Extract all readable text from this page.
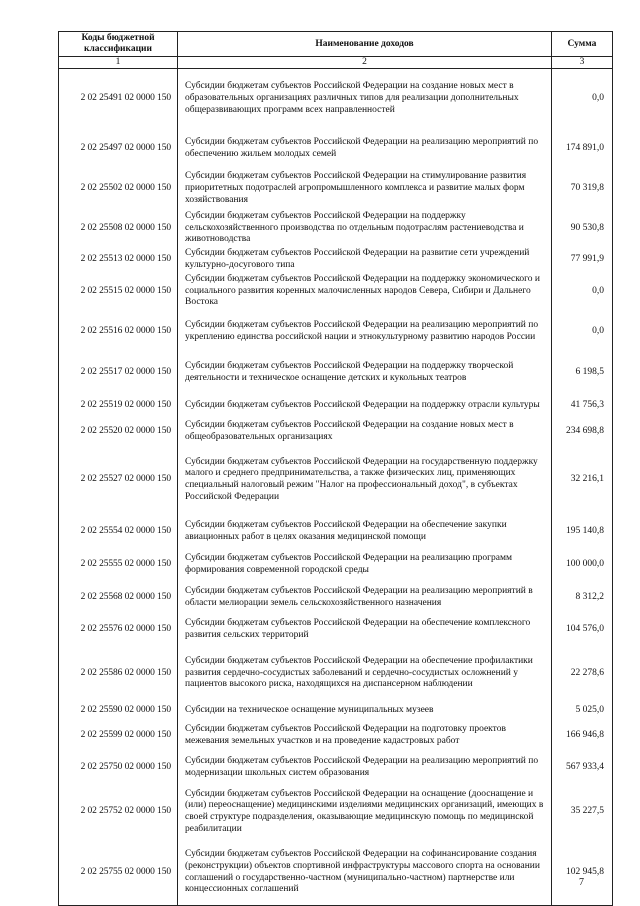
Коды бюджетной классификации	Наименование доходов	Сумма
1	2	3
2 02 25491 02 0000 150	Субсидии бюджетам субъектов Российской Федерации на создание новых мест в образовательных организациях различных типов для реализации дополнительных общеразвивающих программ всех направленностей	0,0
2 02 25497 02 0000 150	Субсидии бюджетам субъектов Российской Федерации на реализацию мероприятий по обеспечению жильем молодых семей	174 891,0
2 02 25502 02 0000 150	Субсидии бюджетам субъектов Российской Федерации на стимулирование развития приоритетных подотраслей агропромышленного комплекса и развитие малых форм хозяйствования	70 319,8
2 02 25508 02 0000 150	Субсидии бюджетам субъектов Российской Федерации на поддержку сельскохозяйственного производства по отдельным подотраслям растениеводства и животноводства	90 530,8
2 02 25513 02 0000 150	Субсидии бюджетам субъектов Российской Федерации на развитие сети учреждений культурно-досугового типа	77 991,9
2 02 25515 02 0000 150	Субсидии бюджетам субъектов Российской Федерации на поддержку экономического и социального развития коренных малочисленных народов Севера, Сибири и Дальнего Востока	0,0
2 02 25516 02 0000 150	Субсидии бюджетам субъектов Российской Федерации на реализацию мероприятий по укреплению единства российской нации и этнокультурному развитию народов России	0,0
2 02 25517 02 0000 150	Субсидии бюджетам субъектов Российской Федерации на поддержку творческой деятельности и техническое оснащение детских и кукольных театров	6 198,5
2 02 25519 02 0000 150	Субсидии бюджетам субъектов Российской Федерации на поддержку отрасли культуры	41 756,3
2 02 25520 02 0000 150	Субсидии бюджетам субъектов Российской Федерации на создание новых мест в общеобразовательных организациях	234 698,8
2 02 25527 02 0000 150	Субсидии бюджетам субъектов Российской Федерации на государственную поддержку малого и среднего предпринимательства, а также физических лиц, применяющих специальный налоговый режим "Налог на профессиональный доход", в субъектах Российской Федерации	32 216,1
2 02 25554 02 0000 150	Субсидии бюджетам субъектов Российской Федерации на обеспечение закупки авиационных работ в целях оказания медицинской помощи	195 140,8
2 02 25555 02 0000 150	Субсидии бюджетам субъектов Российской Федерации на реализацию программ формирования современной городской среды	100 000,0
2 02 25568 02 0000 150	Субсидии бюджетам субъектов Российской Федерации на реализацию мероприятий в области мелиорации земель сельскохозяйственного назначения	8 312,2
2 02 25576 02 0000 150	Субсидии бюджетам субъектов Российской Федерации на обеспечение комплексного развития сельских территорий	104 576,0
2 02 25586 02 0000 150	Субсидии бюджетам субъектов Российской Федерации на обеспечение профилактики развития сердечно-сосудистых заболеваний и сердечно-сосудистых осложнений у пациентов высокого риска, находящихся на диспансерном наблюдении	22 278,6
2 02 25590 02 0000 150	Субсидии на техническое оснащение муниципальных музеев	5 025,0
2 02 25599 02 0000 150	Субсидии бюджетам субъектов Российской Федерации на подготовку проектов межевания земельных участков и на проведение кадастровых работ	166 946,8
2 02 25750 02 0000 150	Субсидии бюджетам субъектов Российской Федерации на реализацию мероприятий по модернизации школьных систем образования	567 933,4
2 02 25752 02 0000 150	Субсидии бюджетам субъектов Российской Федерации на оснащение (дооснащение и (или) переоснащение) медицинскими изделиями медицинских организаций, имеющих в своей структуре подразделения, оказывающие медицинскую помощь по медицинской реабилитации	35 227,5
2 02 25755 02 0000 150	Субсидии бюджетам субъектов Российской Федерации на софинансирование создания (реконструкции) объектов спортивной инфраструктуры массового спорта на основании соглашений о государственно-частном (муниципально-частном) партнерстве или концессионных соглашений	102 945,8
7
